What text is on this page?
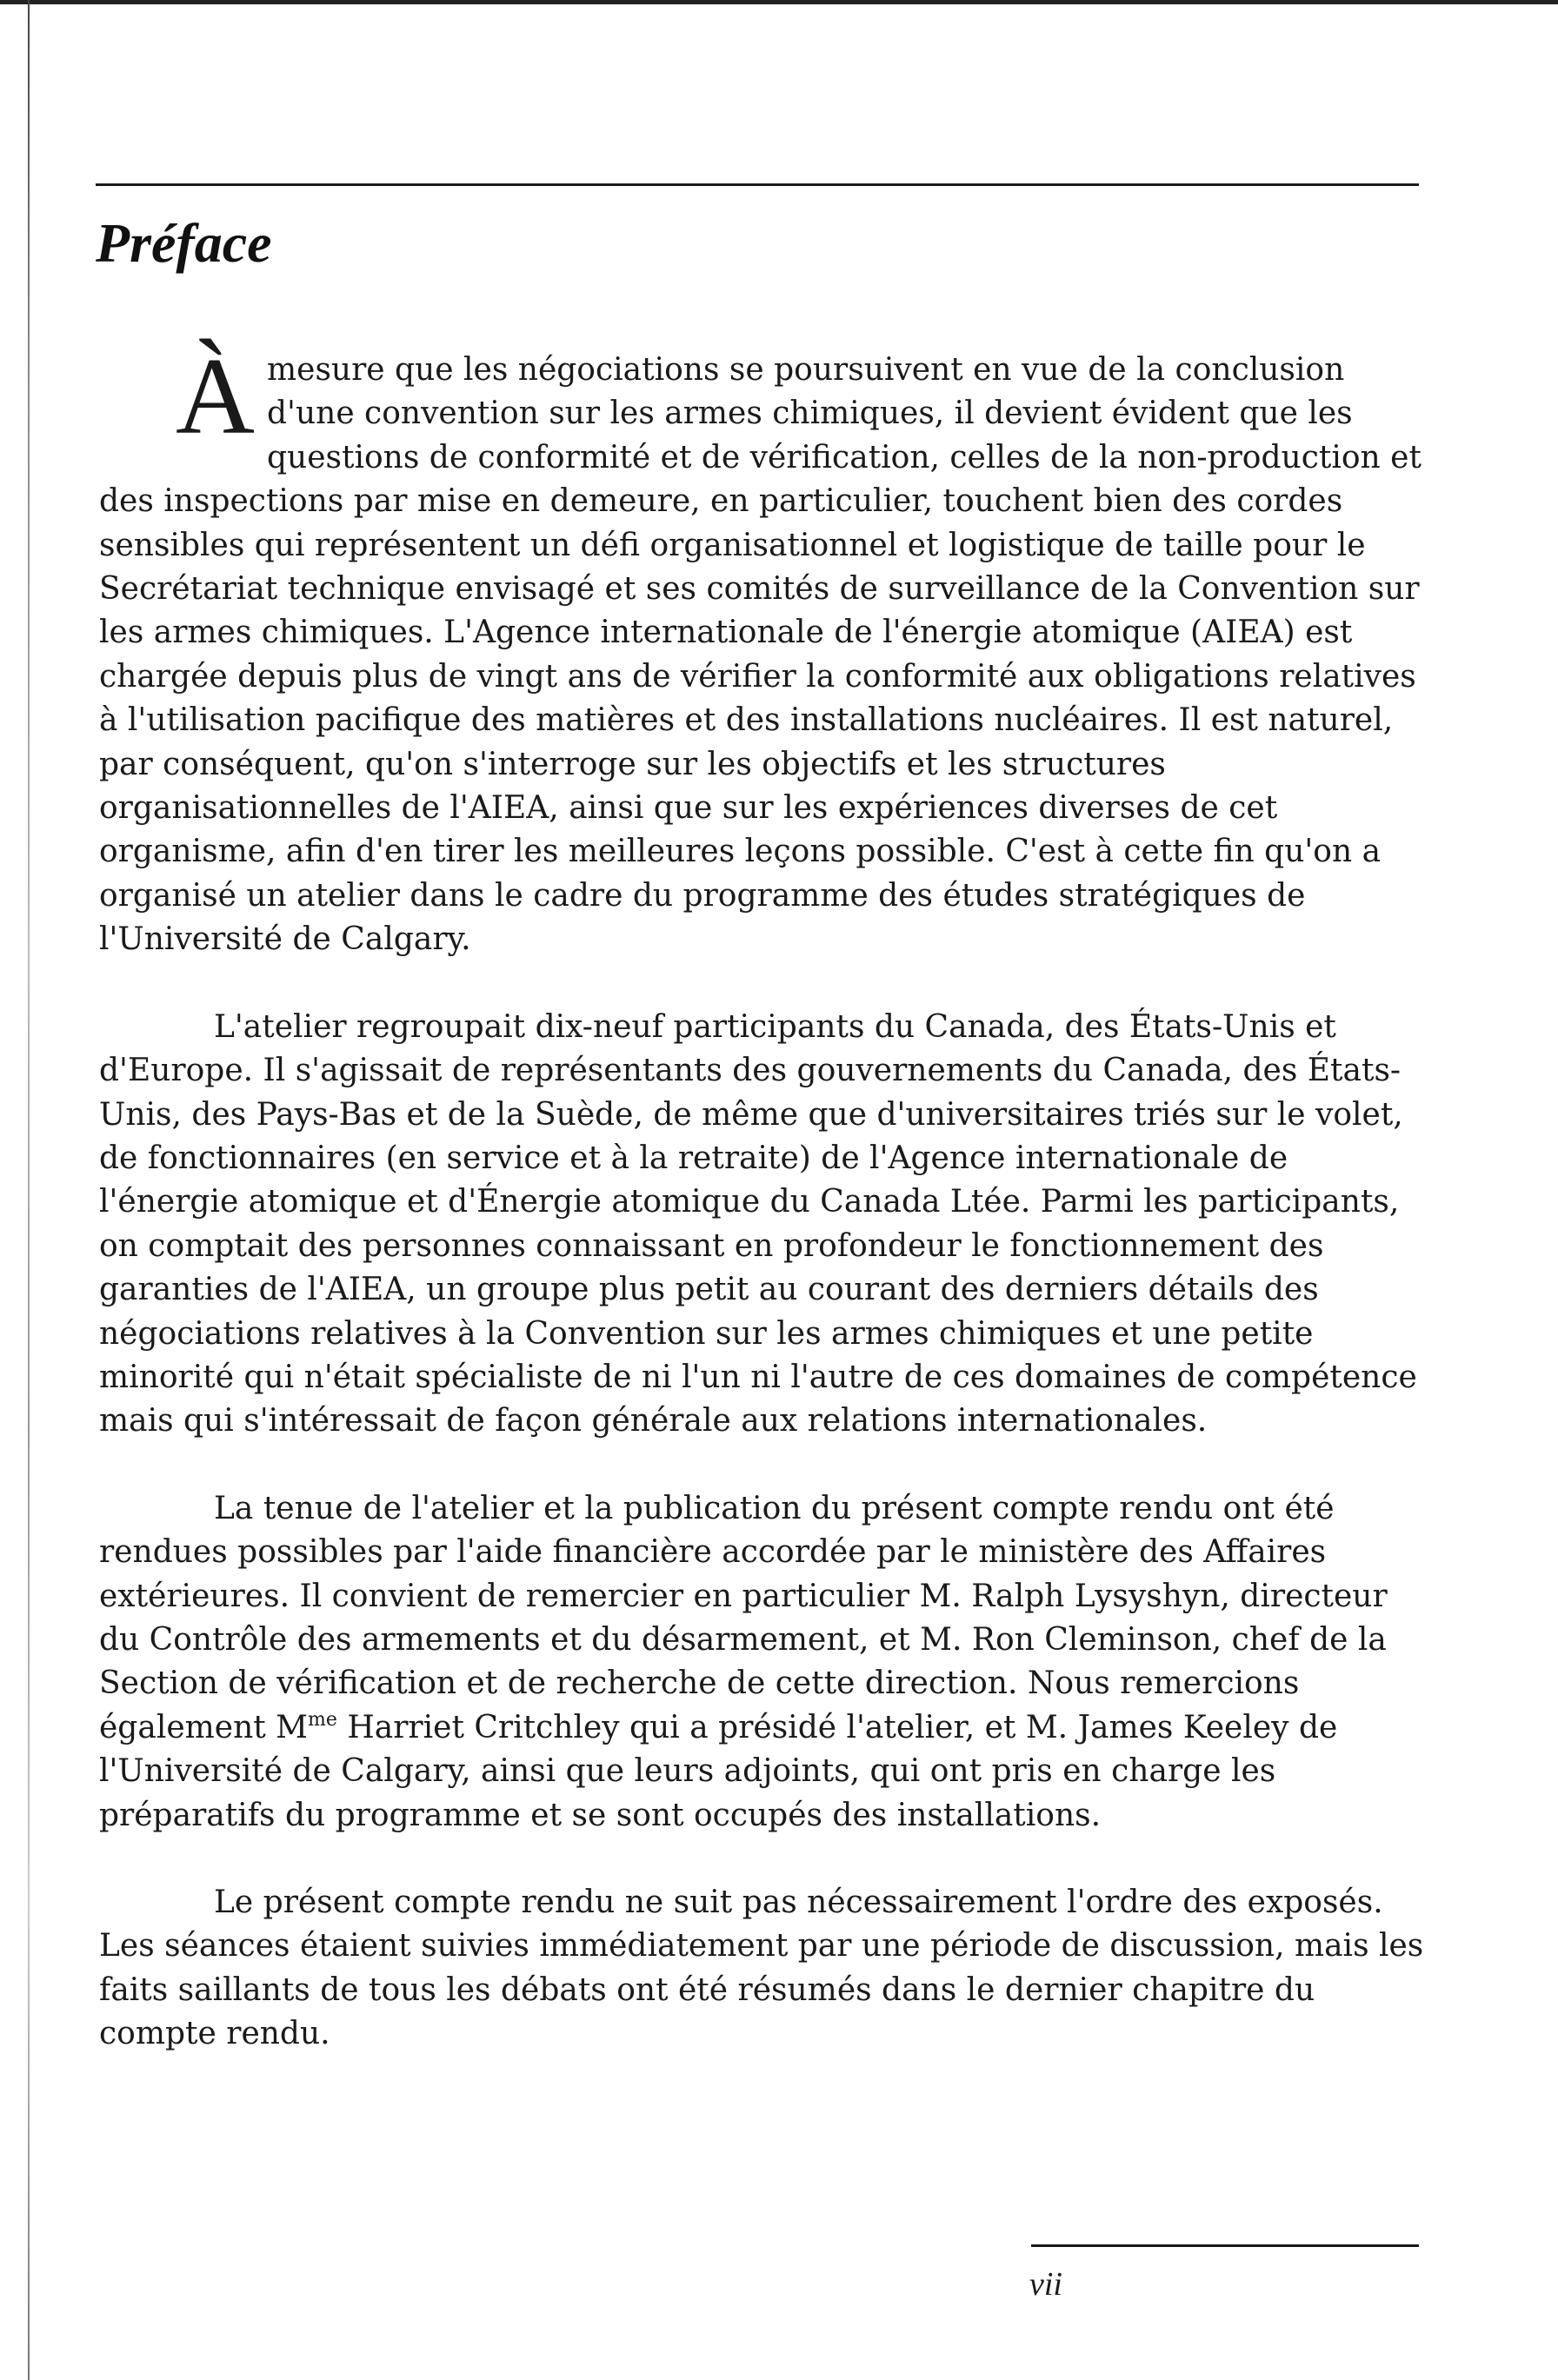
Préface

Àmesure que les négociations se poursuivent en vue de la conclusion d'une convention sur les armes chimiques, il devient évident que les questions de conformité et de vérification, celles de la non-production et des inspections par mise en demeure, en particulier, touchent bien des cordes sensibles qui représentent un défi organisationnel et logistique de taille pour le Secrétariat technique envisagé et ses comités de surveillance de la Convention sur les armes chimiques. L'Agence internationale de l'énergie atomique (AIEA) est chargée depuis plus de vingt ans de vérifier la conformité aux obligations relatives à l'utilisation pacifique des matières et des installations nucléaires. Il est naturel, par conséquent, qu'on s'interroge sur les objectifs et les structures organisationnelles de l'AIEA, ainsi que sur les expériences diverses de cet organisme, afin d'en tirer les meilleures leçons possible. C'est à cette fin qu'on a organisé un atelier dans le cadre du programme des études stratégiques de l'Université de Calgary.

L'atelier regroupait dix-neuf participants du Canada, des États-Unis et d'Europe. Il s'agissait de représentants des gouvernements du Canada, des États-Unis, des Pays-Bas et de la Suède, de même que d'universitaires triés sur le volet, de fonctionnaires (en service et à la retraite) de l'Agence internationale de l'énergie atomique et d'Énergie atomique du Canada Ltée. Parmi les participants, on comptait des personnes connaissant en profondeur le fonctionnement des garanties de l'AIEA, un groupe plus petit au courant des derniers détails des négociations relatives à la Convention sur les armes chimiques et une petite minorité qui n'était spécialiste de ni l'un ni l'autre de ces domaines de compétence mais qui s'intéressait de façon générale aux relations internationales.

La tenue de l'atelier et la publication du présent compte rendu ont été rendues possibles par l'aide financière accordée par le ministère des Affaires extérieures. Il convient de remercier en particulier M. Ralph Lysyshyn, directeur du Contrôle des armements et du désarmement, et M. Ron Cleminson, chef de la Section de vérification et de recherche de cette direction. Nous remercions également $M^{me}$ Harriet Critchley qui a présidé l'atelier, et M. James Keeley de l'Université de Calgary, ainsi que leurs adjoints, qui ont pris en charge les préparatifs du programme et se sont occupés des installations.

Le présent compte rendu ne suit pas nécessairement l'ordre des exposés. Les séances étaient suivies immédiatement par une période de discussion, mais les faits saillants de tous les débats ont été résumés dans le dernier chapitre du compte rendu.

vii
